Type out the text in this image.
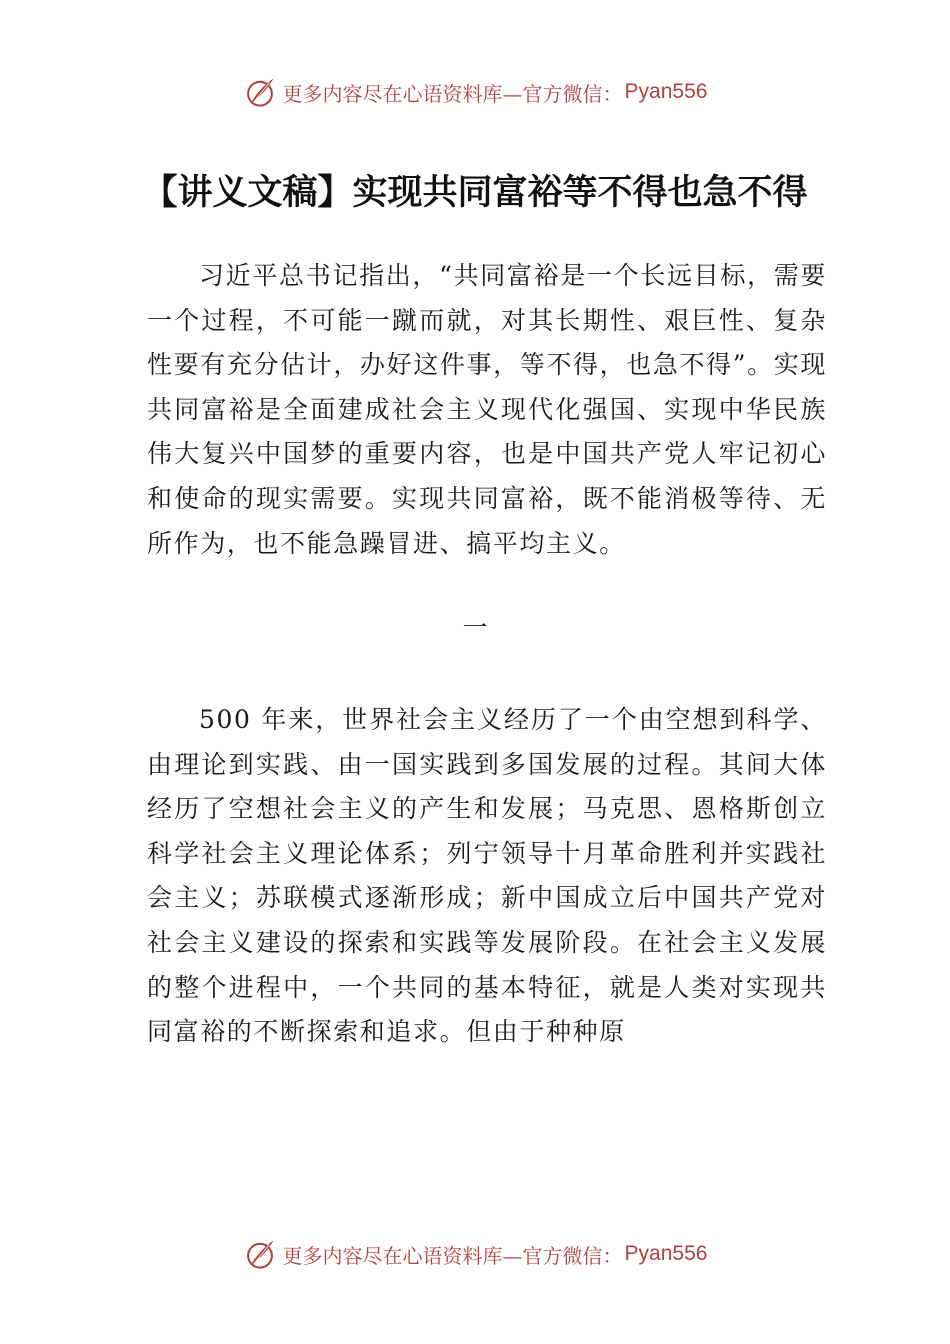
更多内容尽在心语资料库—官方微信： Pyan556
【讲义文稿】实现共同富裕等不得也急不得

习近平总书记指出，“共同富裕是一个长远目标，需要一个过程，不可能一蹴而就，对其长期性、艰巨性、复杂性要有充分估计，办好这件事，等不得，也急不得”。实现共同富裕是全面建成社会主义现代化强国、实现中华民族伟大复兴中国梦的重要内容，也是中国共产党人牢记初心和使命的现实需要。实现共同富裕，既不能消极等待、无所作为，也不能急躁冒进、搞平均主义。

一

500 年来，世界社会主义经历了一个由空想到科学、由理论到实践、由一国实践到多国发展的过程。其间大体经历了空想社会主义的产生和发展；马克思、恩格斯创立科学社会主义理论体系；列宁领导十月革命胜利并实践社会主义；苏联模式逐渐形成；新中国成立后中国共产党对社会主义建设的探索和实践等发展阶段。在社会主义发展的整个进程中，一个共同的基本特征，就是人类对实现共同富裕的不断探索和追求。但由于种种原

更多内容尽在心语资料库—官方微信： Pyan556
